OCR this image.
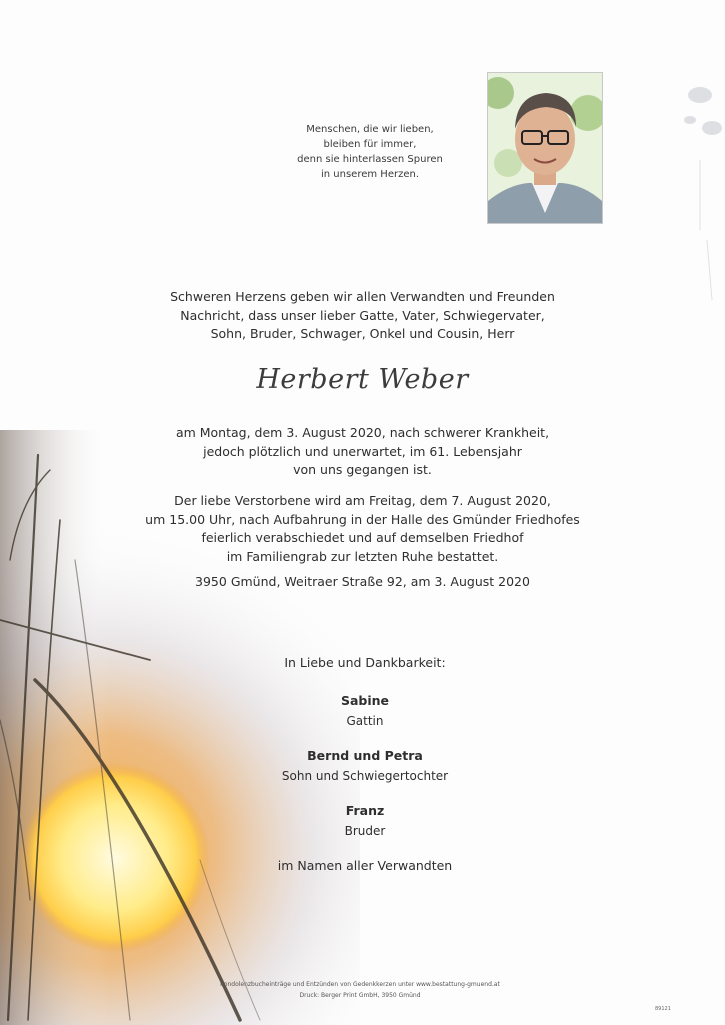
Menschen, die wir lieben,
bleiben für immer,
denn sie hinterlassen Spuren
in unserem Herzen.
Schweren Herzens geben wir allen Verwandten und Freunden
Nachricht, dass unser lieber Gatte, Vater, Schwiegervater,
Sohn, Bruder, Schwager, Onkel und Cousin, Herr
Herbert Weber
am Montag, dem 3. August 2020, nach schwerer Krankheit,
jedoch plötzlich und unerwartet, im 61. Lebensjahr
von uns gegangen ist.
Der liebe Verstorbene wird am Freitag, dem 7. August 2020,
um 15.00 Uhr, nach Aufbahrung in der Halle des Gmünder Friedhofes
feierlich verabschiedet und auf demselben Friedhof
im Familiengrab zur letzten Ruhe bestattet.
3950 Gmünd, Weitraer Straße 92, am 3. August 2020
In Liebe und Dankbarkeit:
Sabine
Gattin
Bernd und Petra
Sohn und Schwiegertochter
Franz
Bruder
im Namen aller Verwandten
Kondolenzbucheinträge und Entzünden von Gedenkkerzen unter www.bestattung-gmuend.at
Druck: Berger Print GmbH, 3950 Gmünd
89121
